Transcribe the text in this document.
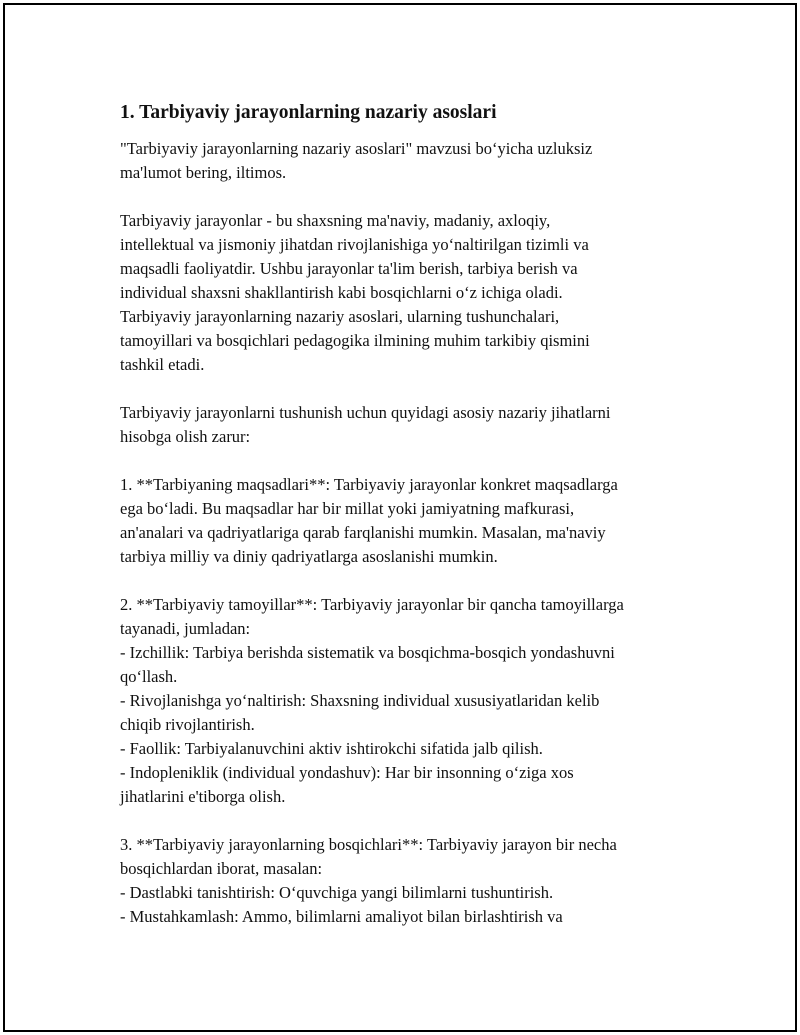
1. Tarbiyaviy jarayonlarning nazariy asoslari

"Tarbiyaviy jarayonlarning nazariy asoslari" mavzusi bo‘yicha uzluksiz
ma'lumot bering, iltimos.

Tarbiyaviy jarayonlar - bu shaxsning ma'naviy, madaniy, axloqiy,
intellektual va jismoniy jihatdan rivojlanishiga yo‘naltirilgan tizimli va
maqsadli faoliyatdir. Ushbu jarayonlar ta'lim berish, tarbiya berish va
individual shaxsni shakllantirish kabi bosqichlarni o‘z ichiga oladi.
Tarbiyaviy jarayonlarning nazariy asoslari, ularning tushunchalari,
tamoyillari va bosqichlari pedagogika ilmining muhim tarkibiy qismini
tashkil etadi.

Tarbiyaviy jarayonlarni tushunish uchun quyidagi asosiy nazariy jihatlarni
hisobga olish zarur:

1. **Tarbiyaning maqsadlari**: Tarbiyaviy jarayonlar konkret maqsadlarga
ega bo‘ladi. Bu maqsadlar har bir millat yoki jamiyatning mafkurasi,
an'analari va qadriyatlariga qarab farqlanishi mumkin. Masalan, ma'naviy
tarbiya milliy va diniy qadriyatlarga asoslanishi mumkin.

2. **Tarbiyaviy tamoyillar**: Tarbiyaviy jarayonlar bir qancha tamoyillarga
tayanadi, jumladan:

- Izchillik: Tarbiya berishda sistematik va bosqichma-bosqich yondashuvni
qo‘llash.

- Rivojlanishga yo‘naltirish: Shaxsning individual xususiyatlaridan kelib
chiqib rivojlantirish.

- Faollik: Tarbiyalanuvchini aktiv ishtirokchi sifatida jalb qilish.

- Indopleniklik (individual yondashuv): Har bir insonning o‘ziga xos
jihatlarini e'tiborga olish.

3. **Tarbiyaviy jarayonlarning bosqichlari**: Tarbiyaviy jarayon bir necha
bosqichlardan iborat, masalan:

- Dastlabki tanishtirish: O‘quvchiga yangi bilimlarni tushuntirish.

- Mustahkamlash: Ammo, bilimlarni amaliyot bilan birlashtirish va
